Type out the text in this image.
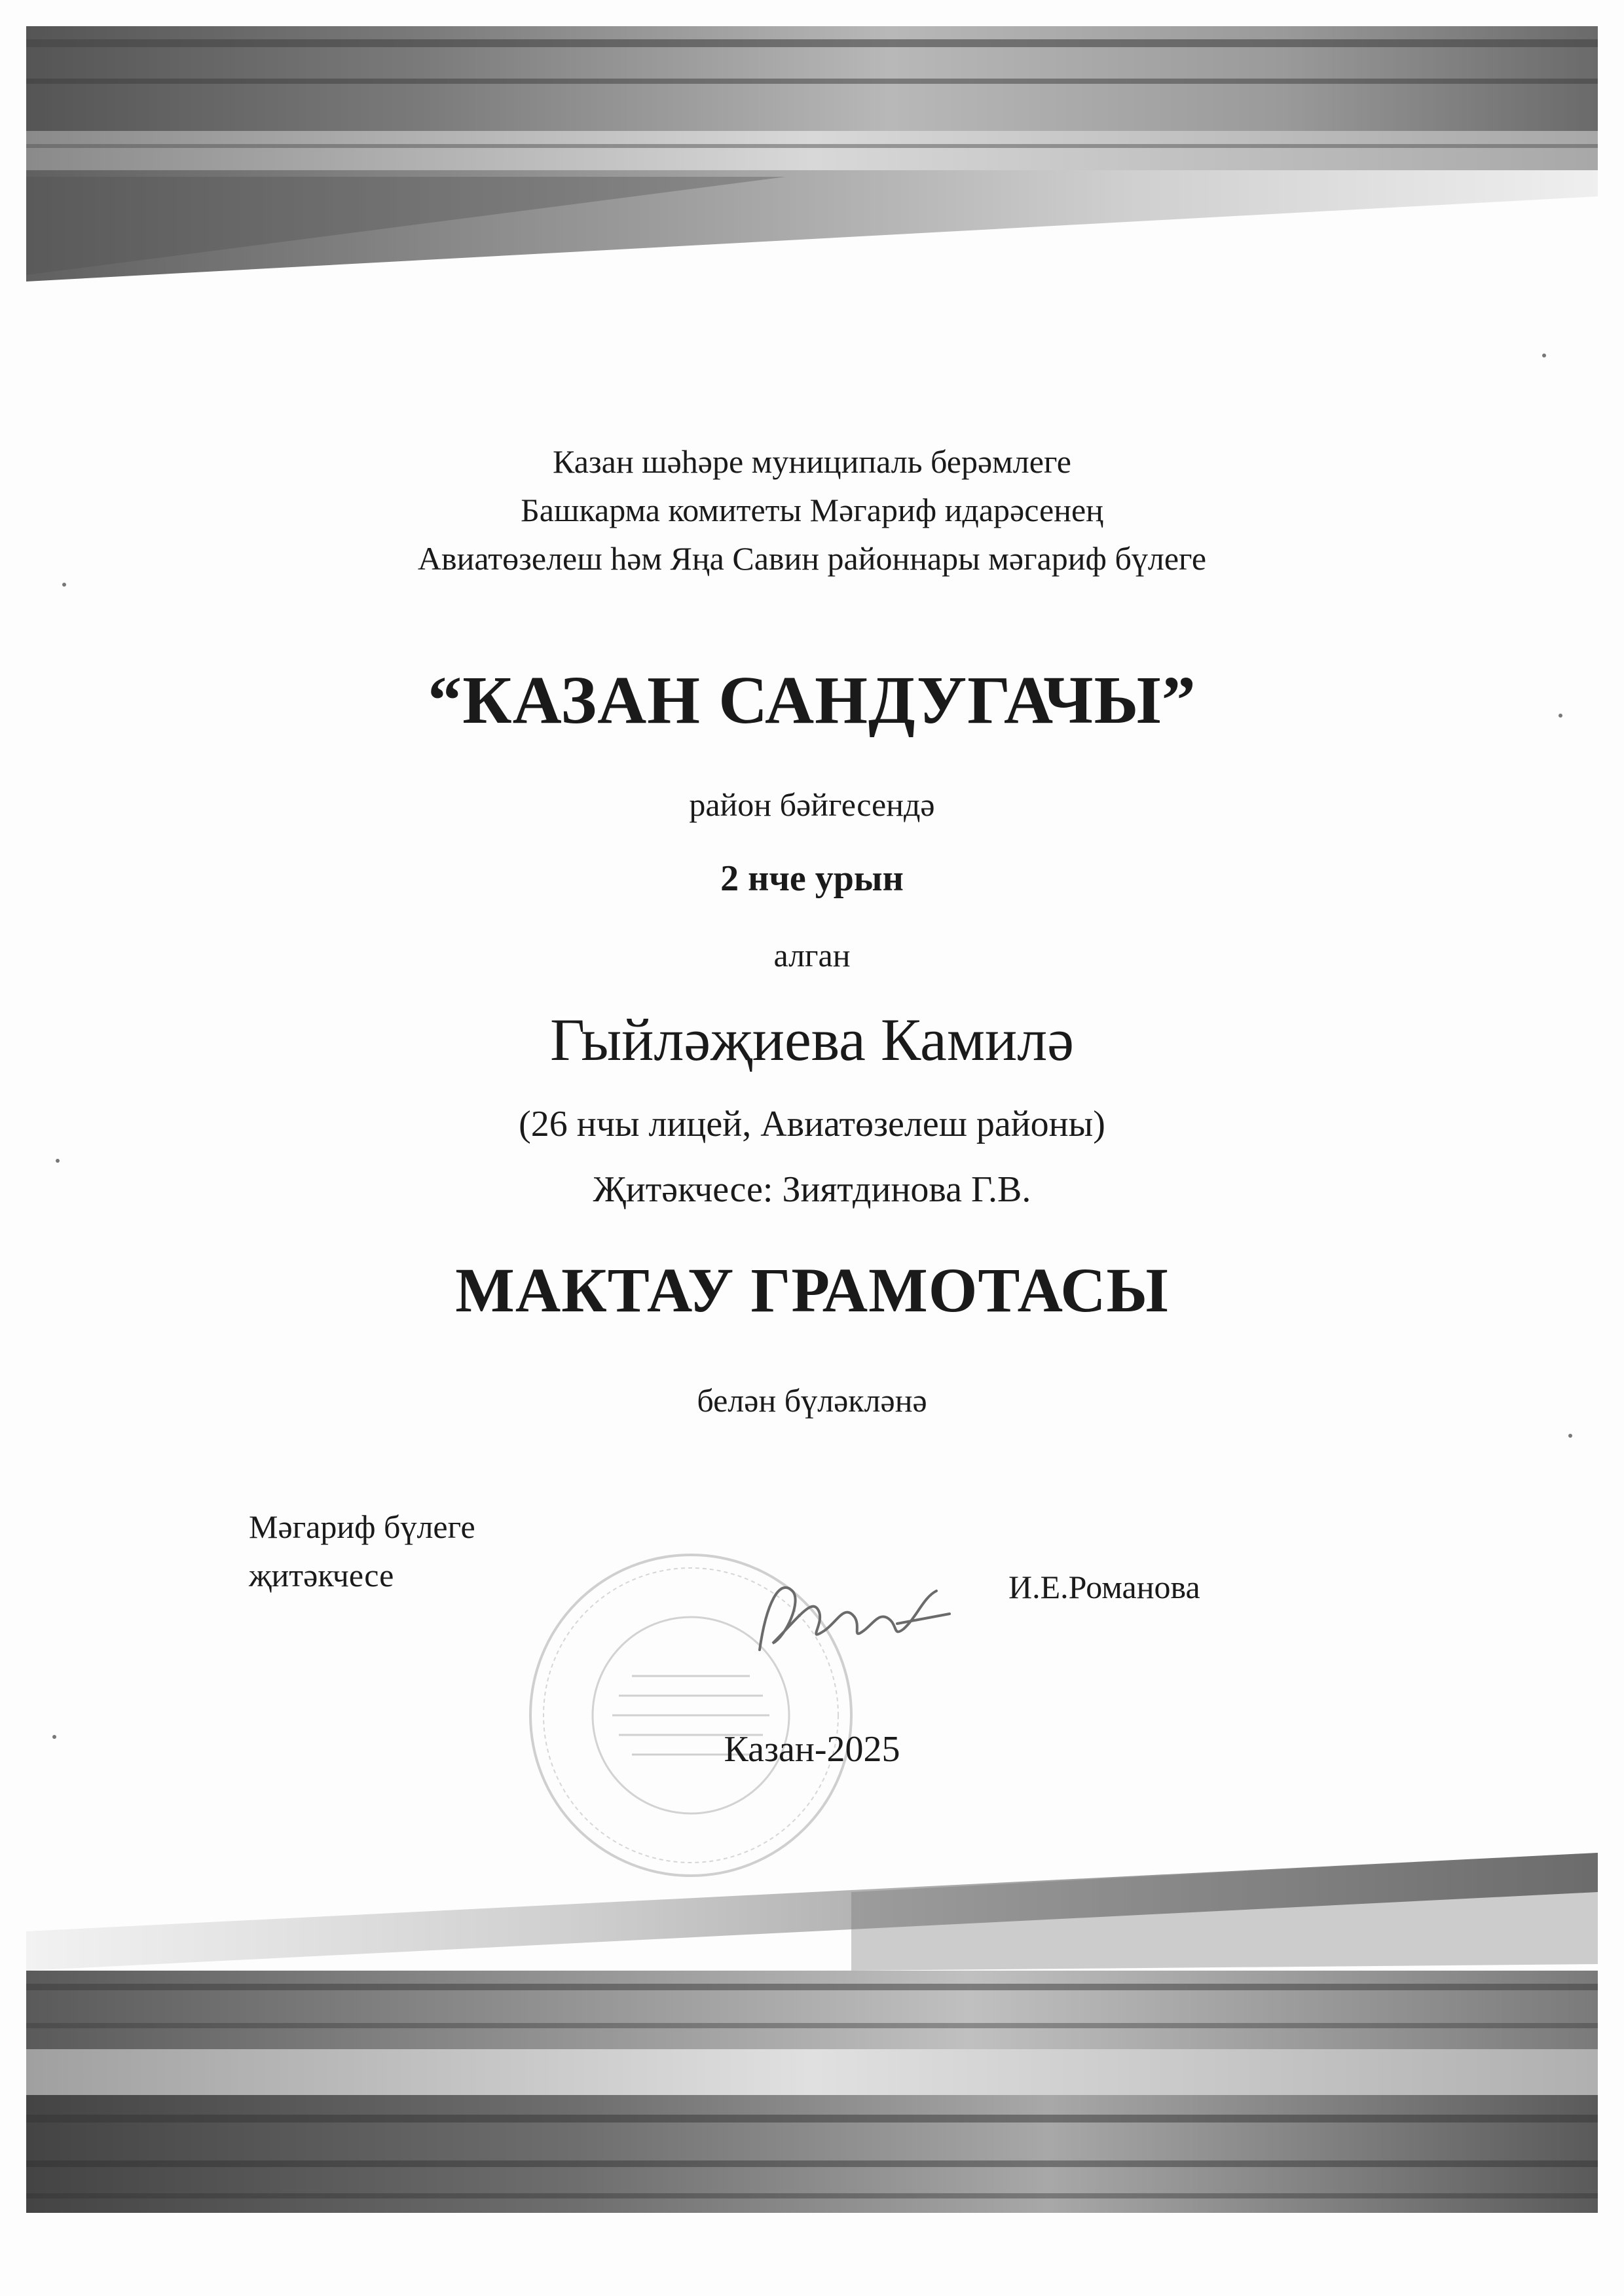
Казан шәһәре муниципаль берәмлеге
Башкарма комитеты Мәгариф идарәсенең
Авиатөзелеш һәм Яңа Савин районнары мәгариф бүлеге
“КАЗАН САНДУГАЧЫ”
район бәйгесендә
2 нче урын
алган
Гыйләҗиева Камилә
(26 нчы лицей, Авиатөзелеш районы)
Җитәкчесе: Зиятдинова Г.В.
МАКТАУ ГРАМОТАСЫ
белән бүләкләнә
Мәгариф бүлеге
җитәкчесе	И.Е.Романова
Казан-2025
